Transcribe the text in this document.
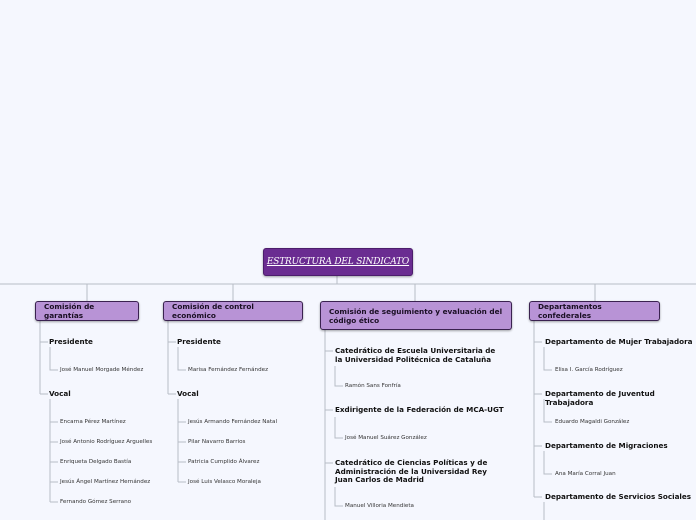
ESTRUCTURA DEL SINDICATO
Comisión de garantías
Presidente
José Manuel Morgade Méndez
Vocal
Encarna Pérez Martínez
José Antonio Rodríguez Arguelles
Enriqueta Delgado Bastía
Jesús Ángel Martínez Hernández
Fernando Gómez Serrano
Comisión de control económico
Presidente
Marisa Fernández Fernández
Vocal
Jesús Armando Fernández Natal
Pilar Navarro Barrios
Patricia Cumplido Álvarez
José Luis Velasco Moraleja
Comisión de seguimiento y evaluación del código ético
Catedrático de Escuela Universitaria de la Universidad Politécnica de Cataluña
Ramón Sans Fonfría
Exdirigente de la Federación de MCA-UGT
José Manuel Suárez González
Catedrático de Ciencias Políticas y de Administración de la Universidad Rey Juan Carlos de Madrid
Manuel Villoria Mendieta
Departamentos confederales
Departamento de Mujer Trabajadora
Elisa I. García Rodríguez
Departamento de Juventud Trabajadora
Eduardo Magaldi González
Departamento de Migraciones
Ana María Corral Juan
Departamento de Servicios Sociales
